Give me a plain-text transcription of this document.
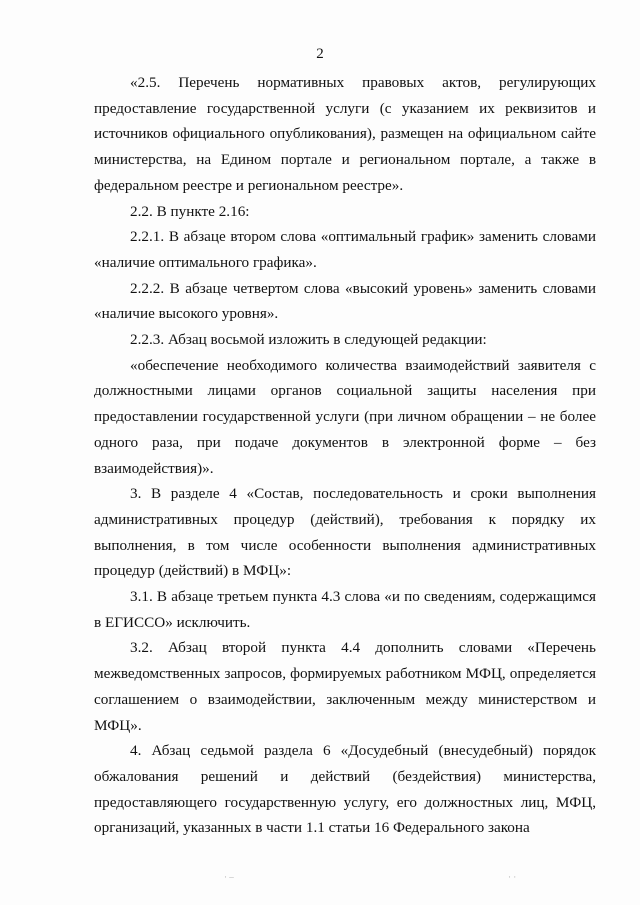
2

«2.5. Перечень нормативных правовых актов, регулирующих предоставление государственной услуги (с указанием их реквизитов и источников официального опубликования), размещен на официальном сайте министерства, на Едином портале и региональном портале, а также в федеральном реестре и региональном реестре».

2.2. В пункте 2.16:

2.2.1. В абзаце втором слова «оптимальный график» заменить словами «наличие оптимального графика».

2.2.2. В абзаце четвертом слова «высокий уровень» заменить словами «наличие высокого уровня».

2.2.3. Абзац восьмой изложить в следующей редакции:

«обеспечение необходимого количества взаимодействий заявителя с должностными лицами органов социальной защиты населения при предоставлении государственной услуги (при личном обращении – не более одного раза, при подаче документов в электронной форме – без взаимодействия)».

3. В разделе 4 «Состав, последовательность и сроки выполнения административных процедур (действий), требования к порядку их выполнения, в том числе особенности выполнения административных процедур (действий) в МФЦ»:

3.1. В абзаце третьем пункта 4.3 слова «и по сведениям, содержащимся в ЕГИССО» исключить.

3.2. Абзац второй пункта 4.4 дополнить словами «Перечень межведомственных запросов, формируемых работником МФЦ, определяется соглашением о взаимодействии, заключенным между министерством и МФЦ».

4. Абзац седьмой раздела 6 «Досудебный (внесудебный) порядок обжалования решений и действий (бездействия) министерства, предоставляющего государственную услугу, его должностных лиц, МФЦ, организаций, указанных в части 1.1 статьи 16 Федерального закона

· –	· ·
